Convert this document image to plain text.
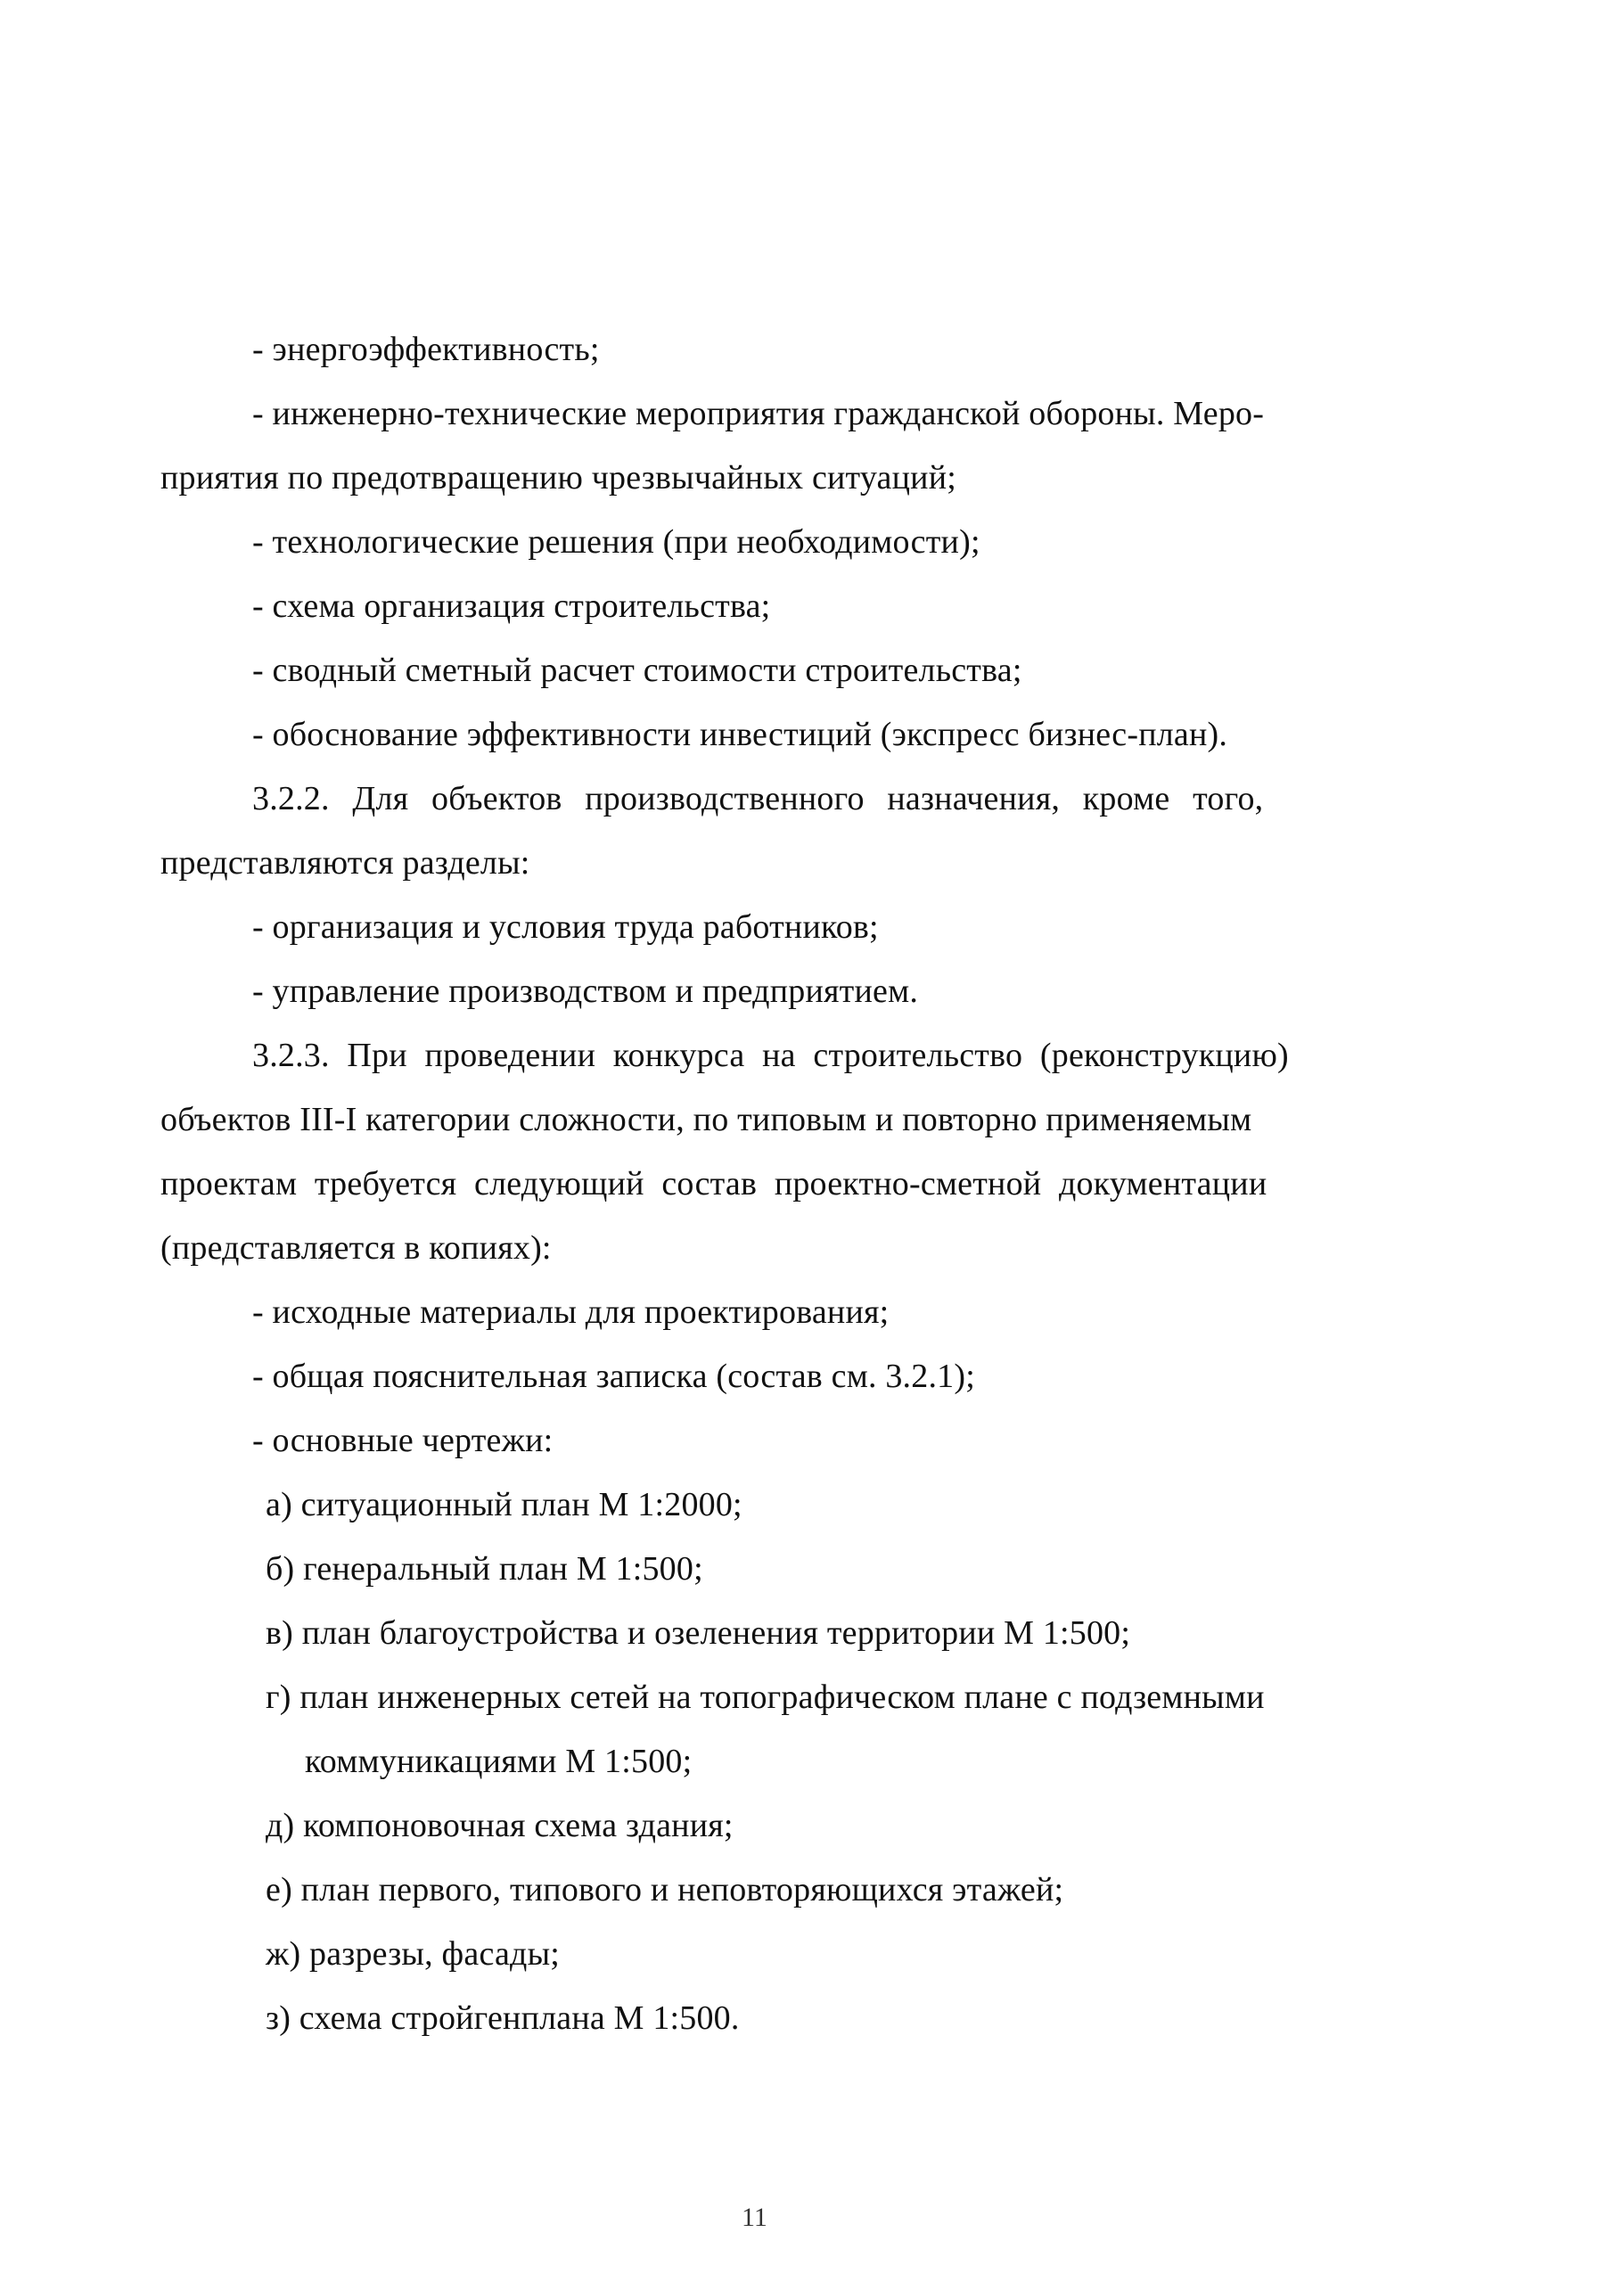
- энергоэффективность;
- инженерно-технические мероприятия гражданской обороны. Меро-
приятия по предотвращению чрезвычайных ситуаций;
- технологические решения (при необходимости);
- схема организация строительства;
- сводный сметный расчет стоимости строительства;
- обоснование эффективности инвестиций (экспресс бизнес-план).
3.2.2. Для объектов производственного назначения, кроме того,
представляются разделы:
- организация и условия труда работников;
- управление производством и предприятием.
3.2.3. При проведении конкурса на строительство (реконструкцию)
объектов III-I категории сложности, по типовым и повторно применяемым
проектам требуется следующий состав проектно-сметной документации
(представляется в копиях):
- исходные материалы для проектирования;
- общая пояснительная записка (состав см. 3.2.1);
- основные чертежи:
а) ситуационный план М 1:2000;
б) генеральный план М 1:500;
в) план благоустройства и озеленения территории М 1:500;
г) план инженерных сетей на топографическом плане с подземными
коммуникациями М 1:500;
д) компоновочная схема здания;
е) план первого, типового и неповторяющихся этажей;
ж) разрезы, фасады;
з) схема стройгенплана М 1:500.
11
